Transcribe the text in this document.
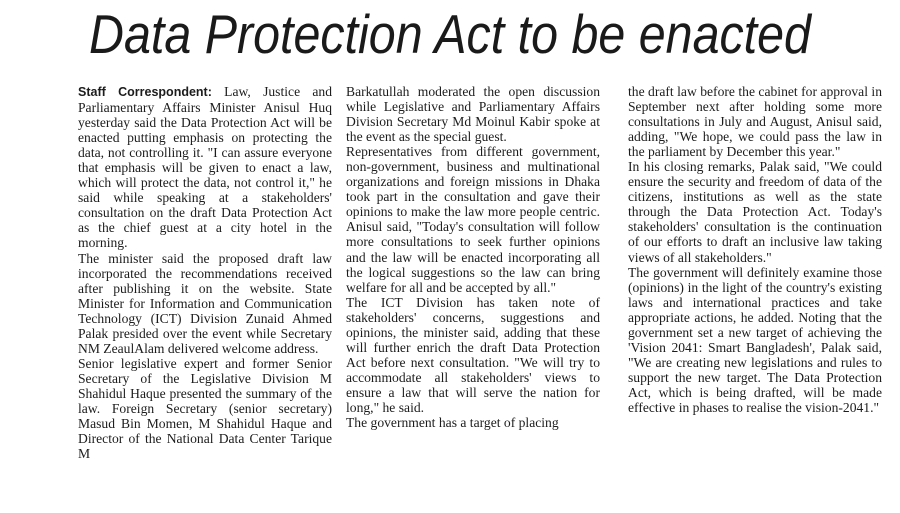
Data Protection Act to be enacted

Staff Correspondent: Law, Justice and Parliamentary Affairs Minister Anisul Huq yesterday said the Data Protection Act will be enacted putting emphasis on protecting the data, not controlling it. "I can assure everyone that emphasis will be given to enact a law, which will protect the data, not control it," he said while speaking at a stakeholders' consultation on the draft Data Protection Act as the chief guest at a city hotel in the morning.

The minister said the proposed draft law incorporated the recommendations received after publishing it on the website. State Minister for Information and Communication Technology (ICT) Division Zunaid Ahmed Palak presided over the event while Secretary NM ZeaulAlam delivered welcome address.

Senior legislative expert and former Senior Secretary of the Legislative Division M Shahidul Haque presented the summary of the law. Foreign Secretary (senior secretary) Masud Bin Momen, M Shahidul Haque and Director of the National Data Center Tarique M

Barkatullah moderated the open discussion while Legislative and Parliamentary Affairs Division Secretary Md Moinul Kabir spoke at the event as the special guest.

Representatives from different government, non-government, business and multinational organizations and foreign missions in Dhaka took part in the consultation and gave their opinions to make the law more people centric. Anisul said, "Today's consultation will follow more consultations to seek further opinions and the law will be enacted incorporating all the logical suggestions so the law can bring welfare for all and be accepted by all."

The ICT Division has taken note of stakeholders' concerns, suggestions and opinions, the minister said, adding that these will further enrich the draft Data Protection Act before next consultation. "We will try to accommodate all stakeholders' views to ensure a law that will serve the nation for long," he said.

The government has a target of placing

the draft law before the cabinet for approval in September next after holding some more consultations in July and August, Anisul said, adding, "We hope, we could pass the law in the parliament by December this year."

In his closing remarks, Palak said, "We could ensure the security and freedom of data of the citizens, institutions as well as the state through the Data Protection Act. Today's stakeholders' consultation is the continuation of our efforts to draft an inclusive law taking views of all stakeholders."

The government will definitely examine those (opinions) in the light of the country's existing laws and international practices and take appropriate actions, he added. Noting that the government set a new target of achieving the 'Vision 2041: Smart Bangladesh', Palak said, "We are creating new legislations and rules to support the new target. The Data Protection Act, which is being drafted, will be made effective in phases to realise the vision-2041."
